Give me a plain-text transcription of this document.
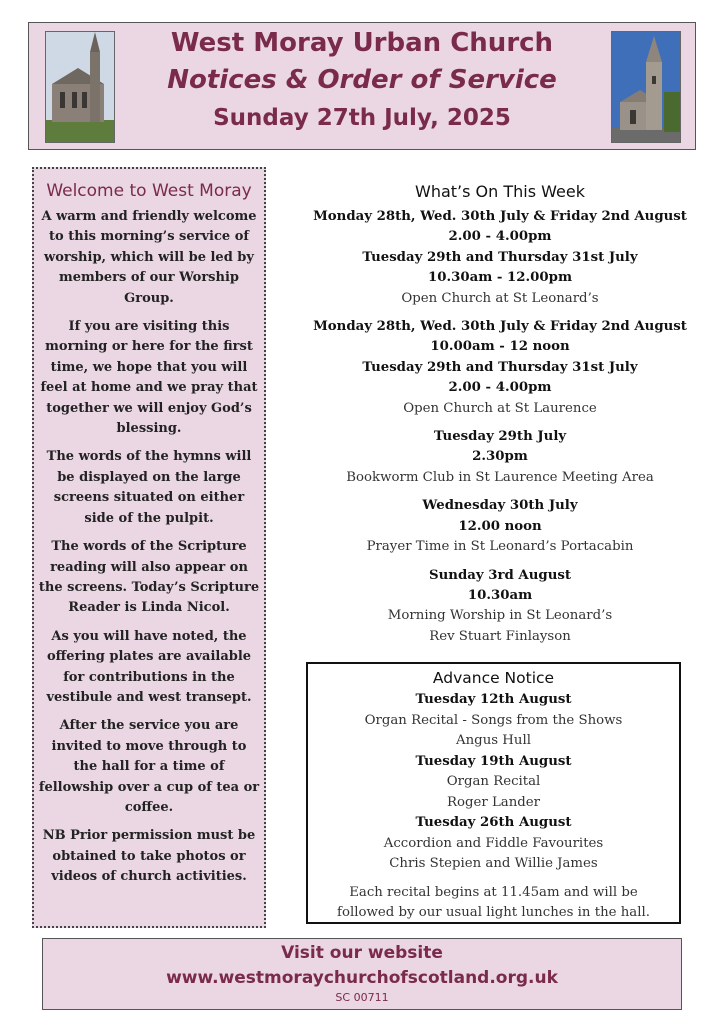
West Moray Urban Church
Notices & Order of Service
Sunday 27th July, 2025
Welcome to West Moray

A warm and friendly welcome to this morning’s service of worship, which will be led by members of our Worship Group.

If you are visiting this morning or here for the first time, we hope that you will feel at home and we pray that together we will enjoy God’s blessing.

The words of the hymns will be displayed on the large screens situated on either side of the pulpit.

The words of the Scripture reading will also appear on the screens. Today’s Scripture Reader is Linda Nicol.

As you will have noted, the offering plates are available for contributions in the vestibule and west transept.

After the service you are invited to move through to the hall for a time of fellowship over a cup of tea or coffee.

NB Prior permission must be obtained to take photos or videos of church activities.

What’s On This Week
Monday 28th, Wed. 30th July & Friday 2nd August
2.00 - 4.00pm
Tuesday 29th and Thursday 31st July
10.30am - 12.00pm
Open Church at St Leonard’s
Monday 28th, Wed. 30th July & Friday 2nd August
10.00am - 12 noon
Tuesday 29th and Thursday 31st July
2.00 - 4.00pm
Open Church at St Laurence
Tuesday 29th July
2.30pm
Bookworm Club in St Laurence Meeting Area
Wednesday 30th July
12.00 noon
Prayer Time in St Leonard’s Portacabin
Sunday 3rd August
10.30am
Morning Worship in St Leonard’s
Rev Stuart Finlayson
Advance Notice
Tuesday 12th August
Organ Recital - Songs from the Shows
Angus Hull
Tuesday 19th August
Organ Recital
Roger Lander
Tuesday 26th August
Accordion and Fiddle Favourites
Chris Stepien and Willie James
Each recital begins at 11.45am and will be
followed by our usual light lunches in the hall.
Visit our website
www.westmoraychurchofscotland.org.uk
SC 00711
